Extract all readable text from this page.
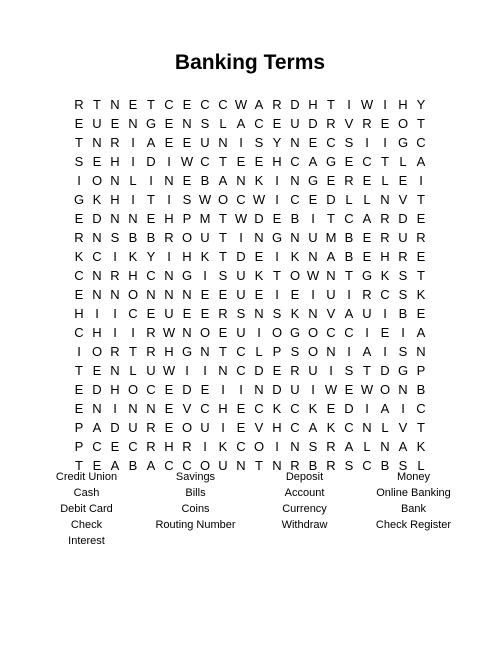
Banking Terms
R T N E T C E C C W A R D H T I W I H Y
E U E N G E N S L A C E U D R V R E O T
T N R I A E E U N I S Y N E C S I	I G C
S E H I D I W C T E E H C A G E C T L A
I O N L I N E B A N K I N G E R E L E I
G K H I T I S W O C W I C E D L L N V T
E D N N E H P M T W D E B I T C A R D E
R N S B B R O U T I N G N U M B E R U R
K C I K Y I H K T D E I K N A B E H R E
C N R H C N G I S U K T O W N T G K S T
E N N O N N N E E U E I E I U I R C S K
H I	I C E U E E R S N S K N V A U I B E
C H I	I R W N O E U I O G O C C I E I A
I O R T R H G N T C L P S O N I A I S N
T E N L U W I	I N C D E R U I S T D G P
E D H O C E D E I	I N D U I W E W O N B
E N I N N E V C H E C K C K E D I A I C
P A D U R E O U I E V H C A K C N L V T
P C E C R H R I K C O I N S R A L N A K
T E A B A C C O U N T N R B R S C B S L
Credit Union	Savings	Deposit	Money
Cash	Bills	Account	Online Banking
Debit Card	Coins	Currency	Bank
Check	Routing Number	Withdraw	Check Register
Interest
